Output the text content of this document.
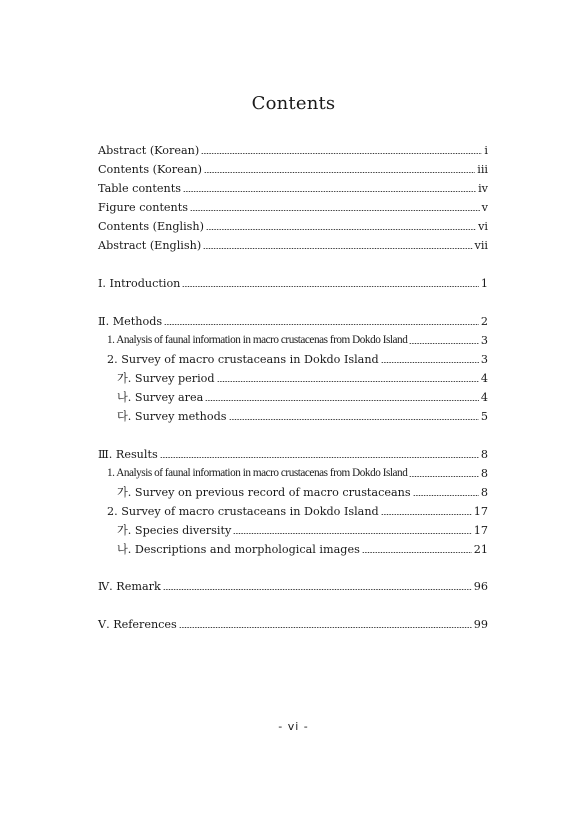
Contents
Abstract (Korean)	i
Contents (Korean)	iii
Table contents	iv
Figure contents	v
Contents (English)	vi
Abstract (English)	vii
Ⅰ. Introduction	1
Ⅱ. Methods	2
1. Analysis of faunal information in macro crustacenas from Dokdo Island	3
2. Survey of macro crustaceans in Dokdo Island	3
가. Survey period	4
나. Survey area	4
다. Survey methods	5
Ⅲ. Results	8
1. Analysis of faunal information in macro crustacenas from Dokdo Island	8
가. Survey on previous record of macro crustaceans	8
2. Survey of macro crustaceans in Dokdo Island	17
가. Species diversity	17
나. Descriptions and morphological images	21
Ⅳ. Remark	96
Ⅴ. References	99
- vi -
